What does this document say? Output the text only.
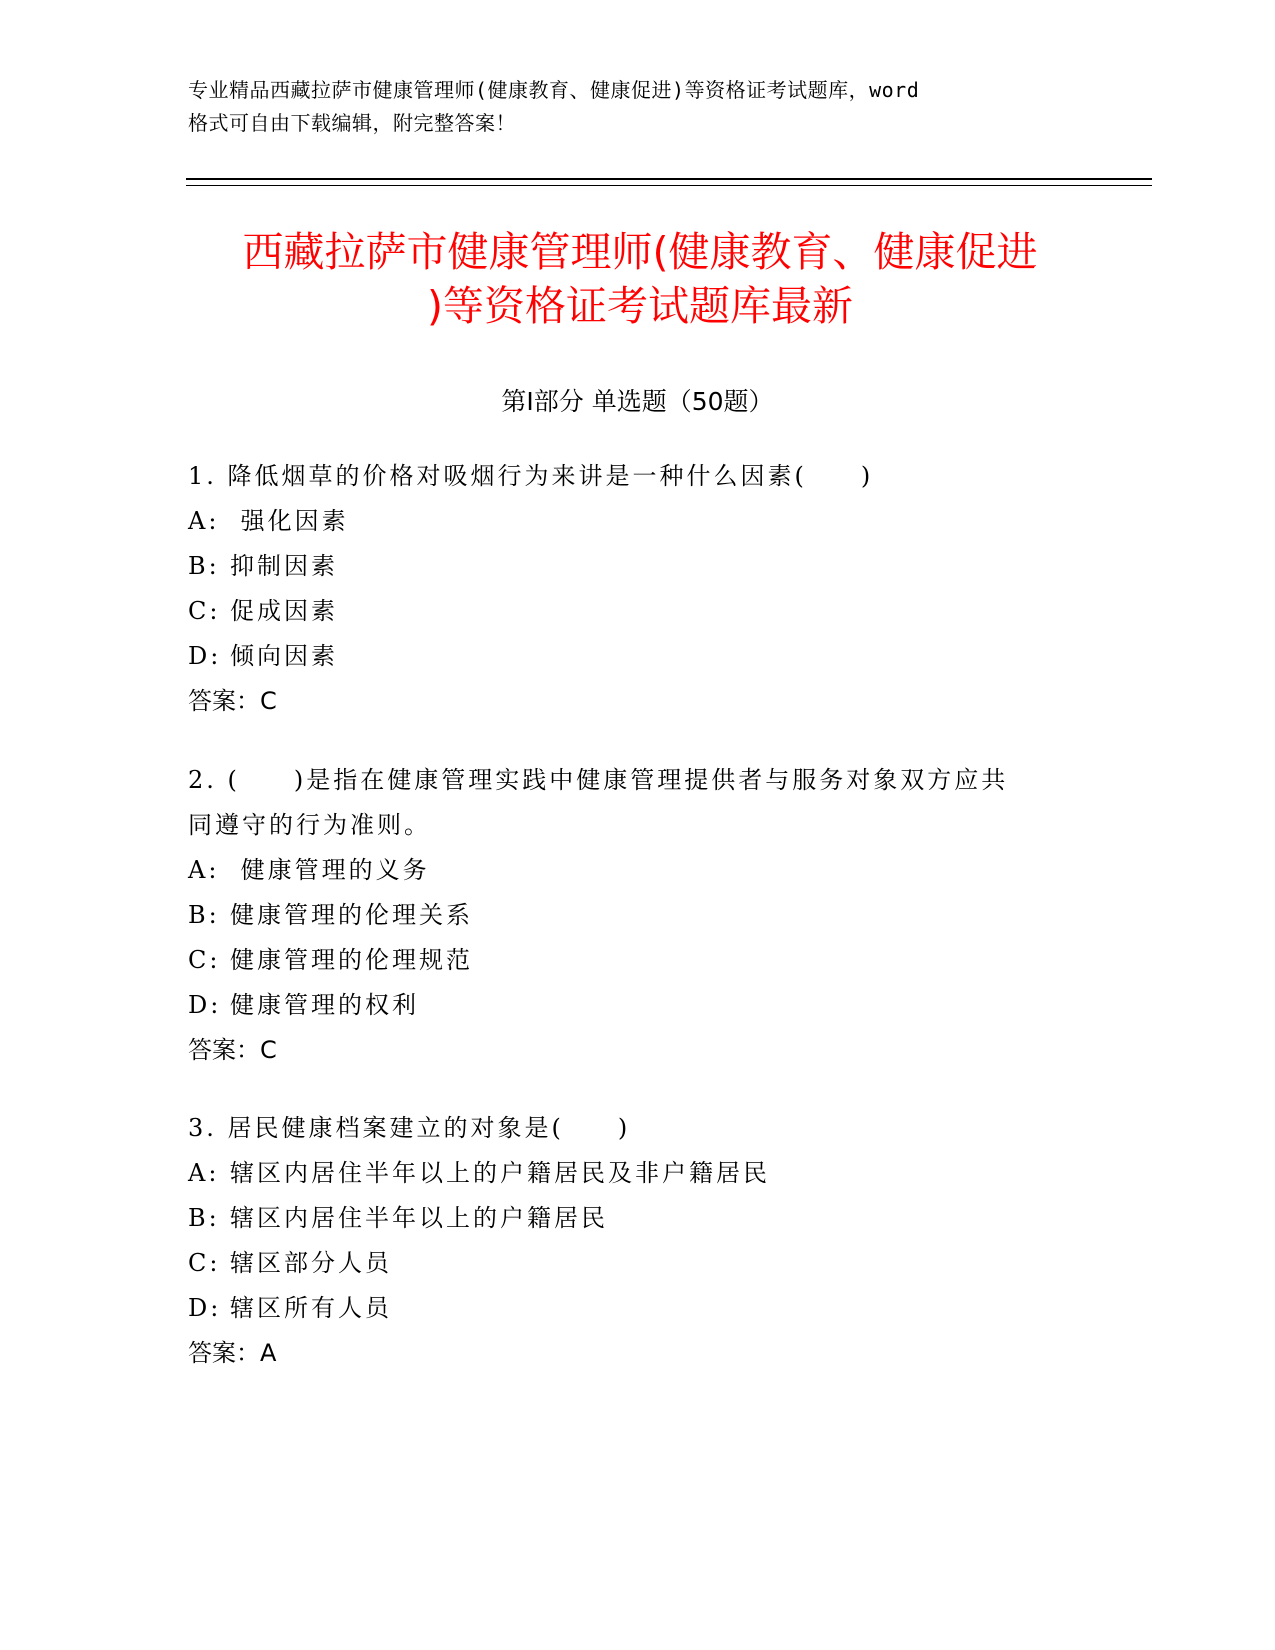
专业精品西藏拉萨市健康管理师(健康教育、健康促进)等资格证考试题库，word
格式可自由下载编辑，附完整答案！
西藏拉萨市健康管理师(健康教育、健康促进
)等资格证考试题库最新
第Ⅰ部分 单选题（50题）
1. 降低烟草的价格对吸烟行为来讲是一种什么因素(　　)
A: 强化因素
B: 抑制因素
C: 促成因素
D: 倾向因素
答案：C
2. (　　)是指在健康管理实践中健康管理提供者与服务对象双方应共
同遵守的行为准则。
A: 健康管理的义务
B: 健康管理的伦理关系
C: 健康管理的伦理规范
D: 健康管理的权利
答案：C
3. 居民健康档案建立的对象是(　　)
A: 辖区内居住半年以上的户籍居民及非户籍居民
B: 辖区内居住半年以上的户籍居民
C: 辖区部分人员
D: 辖区所有人员
答案：A
